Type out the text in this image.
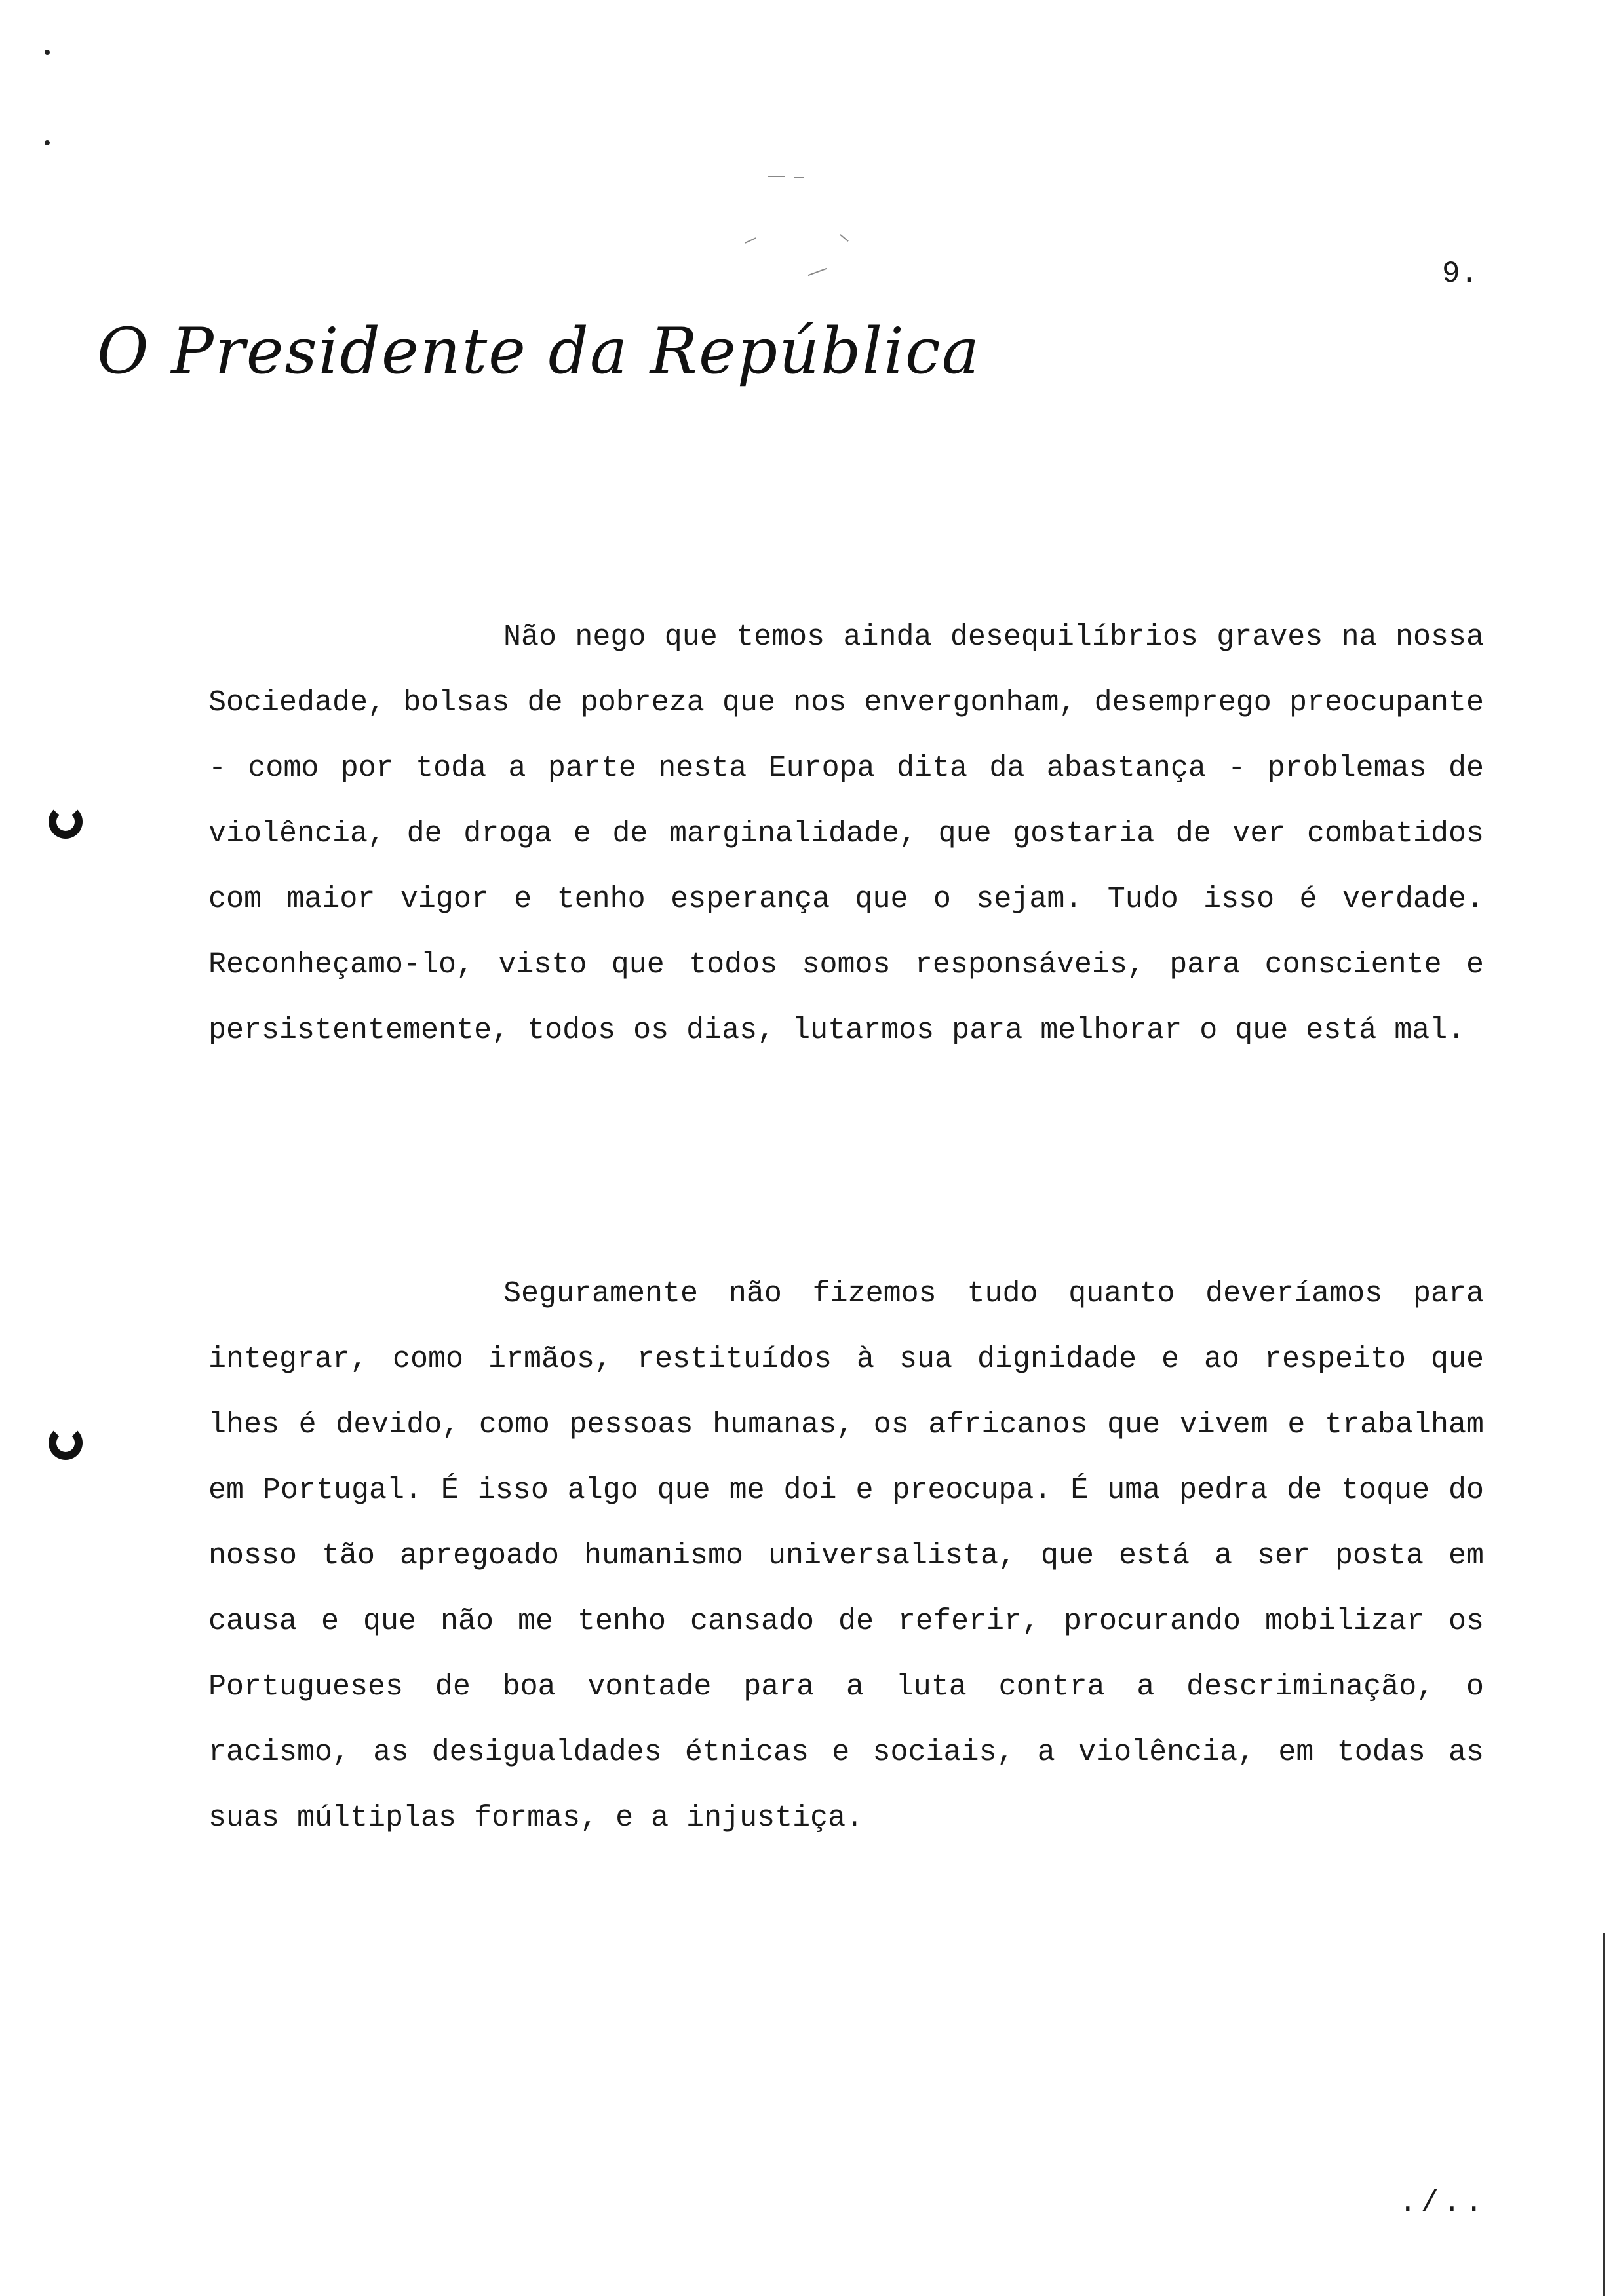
O Presidente da República
9.

Não nego que temos ainda desequilíbrios graves na nossa Sociedade, bolsas de pobreza que nos envergonham, desemprego preocupante - como por toda a parte nesta Europa dita da abastança - problemas de violência, de droga e de marginalidade, que gostaria de ver combatidos com maior vigor e tenho esperança que o sejam. Tudo isso é verdade. Reconheçamo-lo, visto que todos somos responsáveis, para consciente e persistentemente, todos os dias, lutarmos para melhorar o que está mal.

Seguramente não fizemos tudo quanto deveríamos para integrar, como irmãos, restituídos à sua dignidade e ao respeito que lhes é devido, como pessoas humanas, os africanos que vivem e trabalham em Portugal. É isso algo que me doi e preocupa. É uma pedra de toque do nosso tão apregoado humanismo universalista, que está a ser posta em causa e que não me tenho cansado de referir, procurando mobilizar os Portugueses de boa vontade para a luta contra a descriminação, o racismo, as desigualdades étnicas e sociais, a violência, em todas as suas múltiplas formas, e a injustiça.

./..
